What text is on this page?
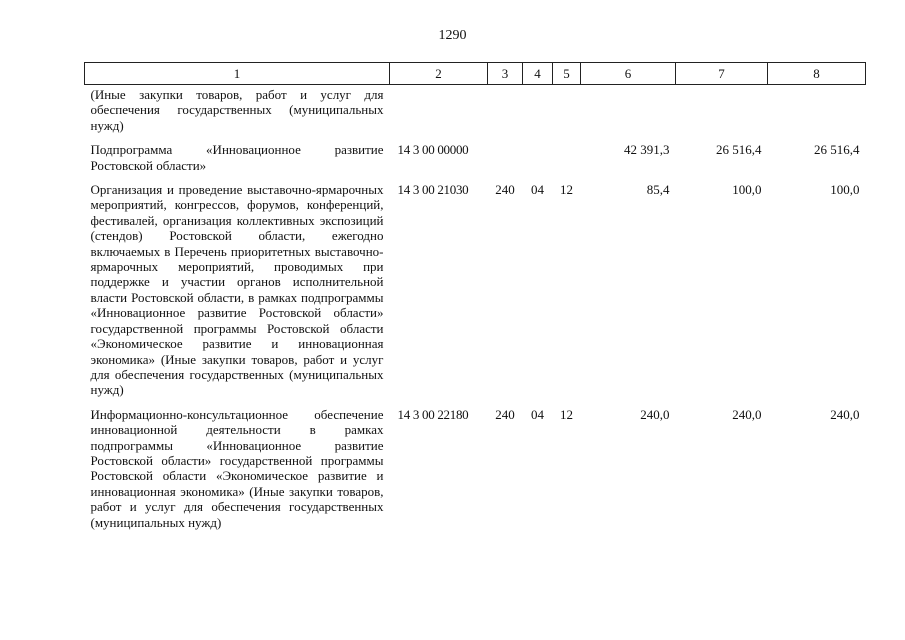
1290
1	2	3	4	5	6	7	8
(Иные закупки товаров, работ и услуг для обеспечения государственных (муниципальных нужд)							
Подпрограмма «Инновационное развитие Ростовской области»	14 3 00 00000				42 391,3	26 516,4	26 516,4
Организация и проведение выставочно-ярмарочных мероприятий, конгрессов, форумов, конференций, фестивалей, организация коллективных экспозиций (стендов) Ростовской области, ежегодно включаемых в Перечень приоритетных выставочно-ярмарочных мероприятий, проводимых при поддержке и участии органов исполнительной власти Ростовской области, в рамках подпрограммы «Инновационное развитие Ростовской области» государственной программы Ростовской области «Экономическое развитие и инновационная экономика» (Иные закупки товаров, работ и услуг для обеспечения государственных (муниципальных нужд)	14 3 00 21030	240	04	12	85,4	100,0	100,0
Информационно-консультационное обеспечение инновационной деятельности в рамках подпрограммы «Инновационное развитие Ростовской области» государственной программы Ростовской области «Экономическое развитие и инновационная экономика» (Иные закупки товаров, работ и услуг для обеспечения государственных (муниципальных нужд)	14 3 00 22180	240	04	12	240,0	240,0	240,0
